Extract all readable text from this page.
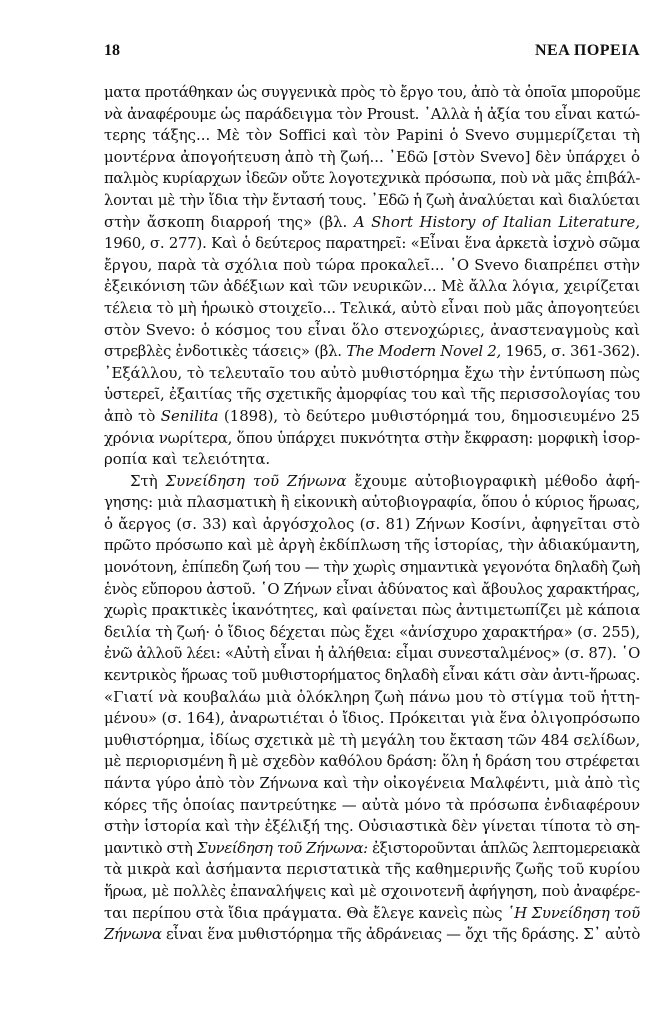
18	ΝΕΑ ΠΟΡΕΙΑ
ματα προτάθηκαν ὡς συγγενικὰ πρὸς τὸ ἔργο του, ἀπὸ τὰ ὁποῖα μποροῦμε
νὰ ἀναφέρουμε ὡς παράδειγμα τὸν Proust. ᾿Αλλὰ ἡ ἀξία του εἶναι κατώ-
τερης τάξης... Μὲ τὸν Soffici καὶ τὸν Papini ὁ Svevo συμμερίζεται τὴ
μοντέρνα ἀπογοήτευση ἀπὸ τὴ ζωή... ᾿Εδῶ [στὸν Svevo] δὲν ὑπάρχει ὁ
παλμὸς κυρίαρχων ἰδεῶν οὔτε λογοτεχνικὰ πρόσωπα, ποὺ νὰ μᾶς ἐπιβάλ-
λονται μὲ τὴν ἴδια τὴν ἔντασή τους. ᾿Εδῶ ἡ ζωὴ ἀναλύεται καὶ διαλύεται
στὴν ἄσκοπη διαρροή της» (βλ. A Short History of Italian Literature,
1960, σ. 277). Καὶ ὁ δεύτερος παρατηρεῖ: «Εἶναι ἕνα ἀρκετὰ ἰσχνὸ σῶμα
ἔργου, παρὰ τὰ σχόλια ποὺ τώρα προκαλεῖ... ῾Ο Svevo διαπρέπει στὴν
ἐξεικόνιση τῶν ἀδέξιων καὶ τῶν νευρικῶν... Μὲ ἄλλα λόγια, χειρίζεται
τέλεια τὸ μὴ ἡρωικὸ στοιχεῖο... Τελικά, αὐτὸ εἶναι ποὺ μᾶς ἀπογοητεύει
στὸν Svevo: ὁ κόσμος του εἶναι ὅλο στενοχώριες, ἀναστεναγμοὺς καὶ
στρεβλὲς ἐνδοτικὲς τάσεις» (βλ. The Modern Novel 2, 1965, σ. 361-362).
᾿Εξάλλου, τὸ τελευταῖο του αὐτὸ μυθιστόρημα ἔχω τὴν ἐντύπωση πὼς
ὑστερεῖ, ἐξαιτίας τῆς σχετικῆς ἀμορφίας του καὶ τῆς περισσολογίας του
ἀπὸ τὸ Senilita (1898), τὸ δεύτερο μυθιστόρημά του, δημοσιευμένο 25
χρόνια νωρίτερα, ὅπου ὑπάρχει πυκνότητα στὴν ἔκφραση: μορφικὴ ἰσορ-
ροπία καὶ τελειότητα.
Στὴ Συνείδηση τοῦ Ζήνωνα ἔχουμε αὐτοβιογραφικὴ μέθοδο ἀφή-
γησης: μιὰ πλασματικὴ ἢ εἰκονικὴ αὐτοβιογραφία, ὅπου ὁ κύριος ἥρωας,
ὁ ἄεργος (σ. 33) καὶ ἀργόσχολος (σ. 81) Ζήνων Κοσίνι, ἀφηγεῖται στὸ
πρῶτο πρόσωπο καὶ μὲ ἀργὴ ἐκδίπλωση τῆς ἱστορίας, τὴν ἀδιακύμαντη,
μονότονη, ἐπίπεδη ζωή του — τὴν χωρὶς σημαντικὰ γεγονότα δηλαδὴ ζωὴ
ἑνὸς εὔπορου ἀστοῦ. ῾Ο Ζήνων εἶναι ἀδύνατος καὶ ἄβουλος χαρακτήρας,
χωρὶς πρακτικὲς ἱκανότητες, καὶ φαίνεται πὼς ἀντιμετωπίζει μὲ κάποια
δειλία τὴ ζωή· ὁ ἴδιος δέχεται πὼς ἔχει «ἀνίσχυρο χαρακτήρα» (σ. 255),
ἐνῶ ἀλλοῦ λέει: «Αὐτὴ εἶναι ἡ ἀλήθεια: εἶμαι συνεσταλμένος» (σ. 87). ῾Ο
κεντρικὸς ἥρωας τοῦ μυθιστορήματος δηλαδὴ εἶναι κάτι σὰν ἀντι-ἥρωας.
«Γιατί νὰ κουβαλάω μιὰ ὁλόκληρη ζωὴ πάνω μου τὸ στίγμα τοῦ ἡττη-
μένου» (σ. 164), ἀναρωτιέται ὁ ἴδιος. Πρόκειται γιὰ ἕνα ὀλιγοπρόσωπο
μυθιστόρημα, ἰδίως σχετικὰ μὲ τὴ μεγάλη του ἔκταση τῶν 484 σελίδων,
μὲ περιορισμένη ἢ μὲ σχεδὸν καθόλου δράση: ὅλη ἡ δράση του στρέφεται
πάντα γύρο ἀπὸ τὸν Ζήνωνα καὶ τὴν οἰκογένεια Μαλφέντι, μιὰ ἀπὸ τὶς
κόρες τῆς ὁποίας παντρεύτηκε — αὐτὰ μόνο τὰ πρόσωπα ἐνδιαφέρουν
στὴν ἱστορία καὶ τὴν ἐξέλιξή της. Οὐσιαστικὰ δὲν γίνεται τίποτα τὸ ση-
μαντικὸ στὴ Συνείδηση τοῦ Ζήνωνα: ἐξιστοροῦνται ἁπλῶς λεπτομερειακὰ
τὰ μικρὰ καὶ ἀσήμαντα περιστατικὰ τῆς καθημερινῆς ζωῆς τοῦ κυρίου
ἥρωα, μὲ πολλὲς ἐπαναλήψεις καὶ μὲ σχοινοτενῆ ἀφήγηση, ποὺ ἀναφέρε-
ται περίπου στὰ ἴδια πράγματα. Θὰ ἔλεγε κανεὶς πὼς ῾Η Συνείδηση τοῦ
Ζήνωνα εἶναι ἕνα μυθιστόρημα τῆς ἀδράνειας — ὄχι τῆς δράσης. Σ᾿ αὐτὸ
